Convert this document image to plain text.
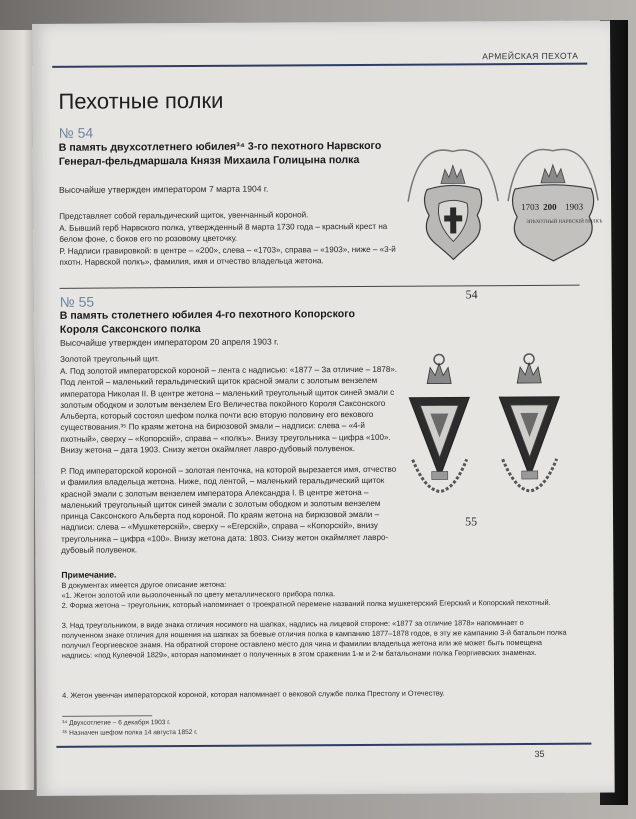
АРМЕЙСКАЯ ПЕХОТА
Пехотные полки
№ 54

В память двухсотлетнего юбилея³⁴ 3-го пехотного Нарвского Генерал-фельдмаршала Князя Михаила Голицына полка

Высочайше утвержден императором 7 марта 1904 г.

Представляет собой геральдический щиток, увенчанный короной.

А. Бывший герб Нарвского полка, утвержденный 8 марта 1730 года – красный крест на белом фоне, с боков его по розовому цветочку.

Р. Надписи гравировкой: в центре – «200», слева – «1703», справа – «1903», ниже – «3-й пхотн. Нарвской полкъ», фамилия, имя и отчество владельца жетона.

1703 200 1903
3ПѢХОТНЫЙ НАРВСКІЙ ПОЛКЪ
54
№ 55

В память столетнего юбилея 4-го пехотного Копорского Короля Саксонского полка

Высочайше утвержден императором 20 апреля 1903 г.

Золотой треугольный щит.

А. Под золотой императорской короной – лента с надписью: «1877 – За отличие – 1878». Под лентой – маленький геральдический щиток красной эмали с золотым вензелем императора Николая II. В центре жетона – маленький треугольный щиток синей эмали с золотым ободком и золотым вензелем Его Величества покойного Короля Саксонского Альберта, который состоял шефом полка почти всю вторую половину его векового существования.³⁵ По краям жетона на бирюзовой эмали – надписи: слева – «4-й пхотный», сверху – «Копорскій», справа – «полкъ». Внизу треугольника – цифра «100». Внизу жетона – дата 1903. Снизу жетон окаймляет лавро-дубовый полувенок.

Р. Под императорской короной – золотая пенточка, на которой вырезается имя, отчество и фамилия владельца жетона. Ниже, под лентой, – маленький геральдический щиток красной эмали с золотым вензелем императора Александра I. В центре жетона – маленький треугольный щиток синей эмали с золотым ободком и золотым вензелем принца Саксонского Альберта под короной. По краям жетона на бирюзовой эмали – надписи: слева – «Мушкетерскій», сверху – «Егерскій», справа – «Копорскій», внизу треугольника – цифра «100». Внизу жетона дата: 1803. Снизу жетон окаймляет лавро-дубовый полувенок.

55
Примечание.

В документах имеется другое описание жетона:

«1. Жетон золотой или вызолоченный по цвету металлического прибора полка.

2. Форма жетона – треугольник, который напоминает о троекратной перемене названий полка мушкетерский Егерский и Копорский пехотный.

3. Над треугольником, в виде знака отличия носимого на шапках, надпись на лицевой стороне: «1877 за отличие 1878» напоминает о полученном знаке отличия для ношения на шапках за боевые отличия полка в кампанию 1877–1878 годов, в эту же кампанию 3-й батальон полка получил Георгиевское знамя. На обратной стороне оставлено место для чина и фамилии владельца жетона или же может быть помещена надпись: «под Кулевчой 1829», которая напоминает о полученных в этом сражении 1-м и 2-м батальонами полка Георгиевских знаменах.

4. Жетон увенчан императорской короной, которая напоминает о вековой службе полка Престолу и Отечеству.

³⁴ Двухсотлетие – 6 декабря 1903 г.
³⁵ Назначен шефом полка 14 августа 1852 г.
35
